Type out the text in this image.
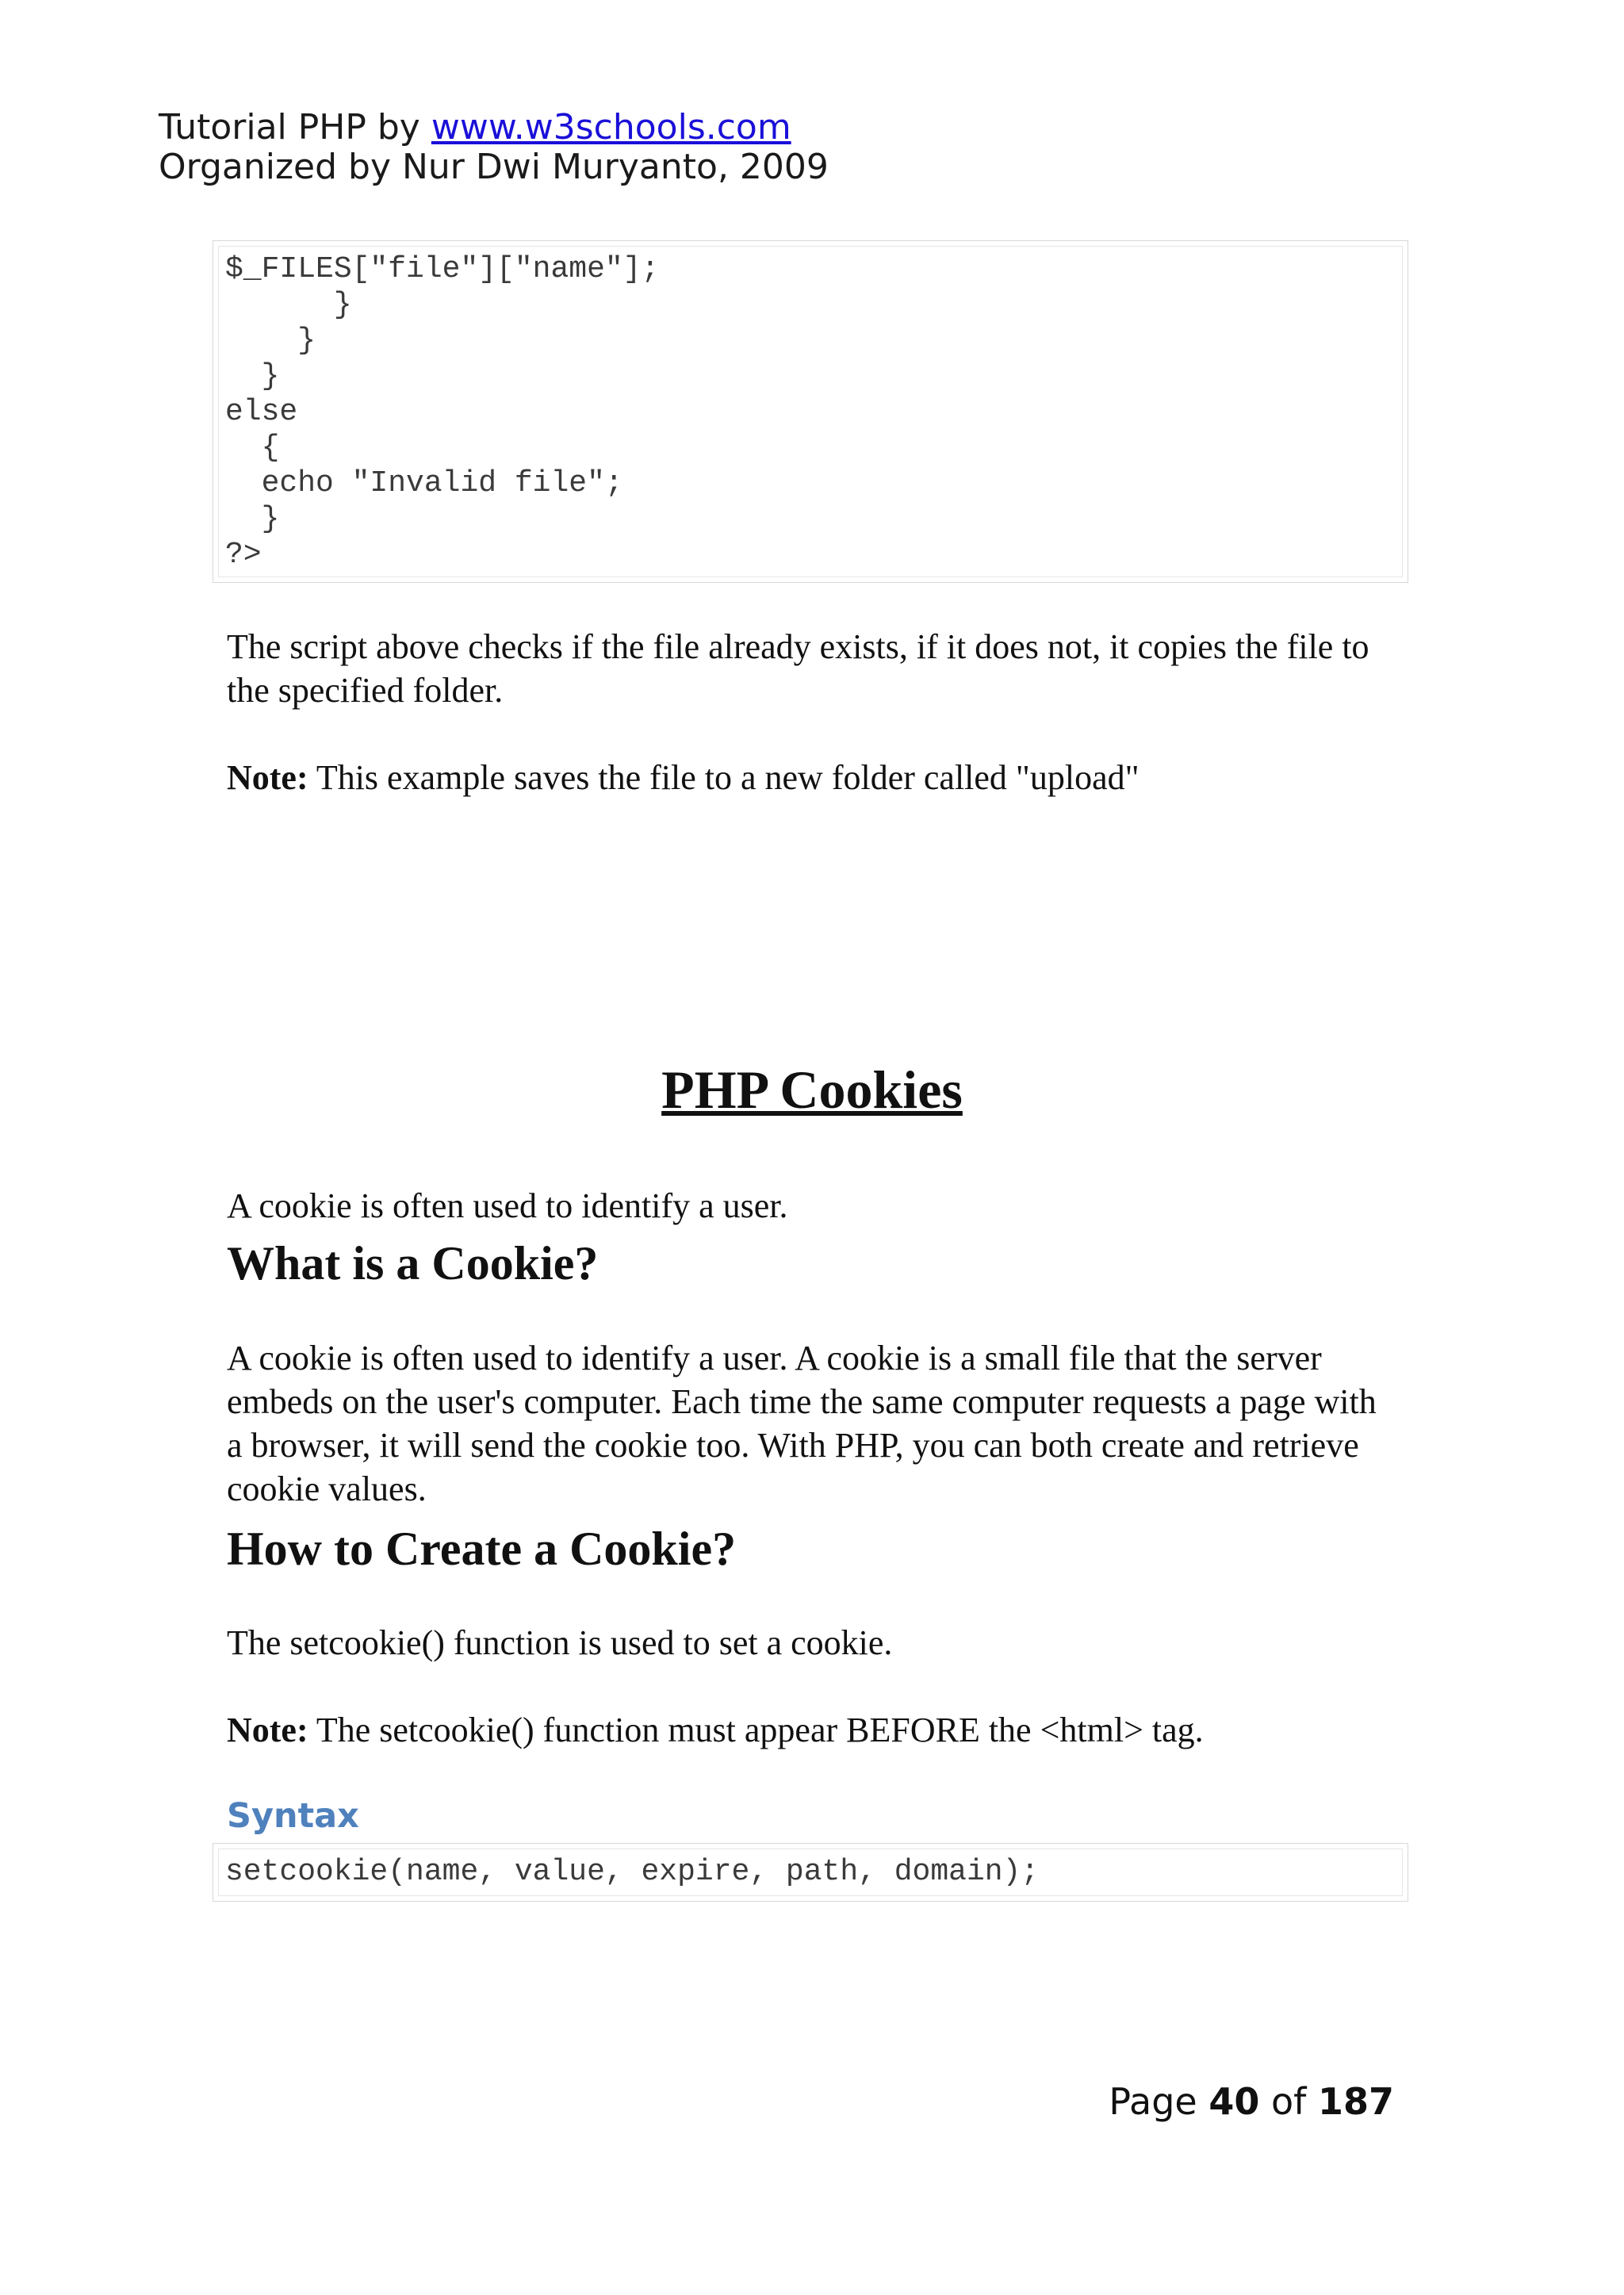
Tutorial PHP by www.w3schools.com
Organized by Nur Dwi Muryanto, 2009
$_FILES["file"]["name"];
}
}
}
else
{
echo "Invalid file";
}
?>

The script above checks if the file already exists, if it does not, it copies the file to the specified folder.

Note: This example saves the file to a new folder called "upload"

PHP Cookies

A cookie is often used to identify a user.

What is a Cookie?

A cookie is often used to identify a user. A cookie is a small file that the server embeds on the user's computer. Each time the same computer requests a page with a browser, it will send the cookie too. With PHP, you can both create and retrieve cookie values.

How to Create a Cookie?

The setcookie() function is used to set a cookie.

Note: The setcookie() function must appear BEFORE the <html> tag.

Syntax
setcookie(name, value, expire, path, domain);
Page 40 of 187
